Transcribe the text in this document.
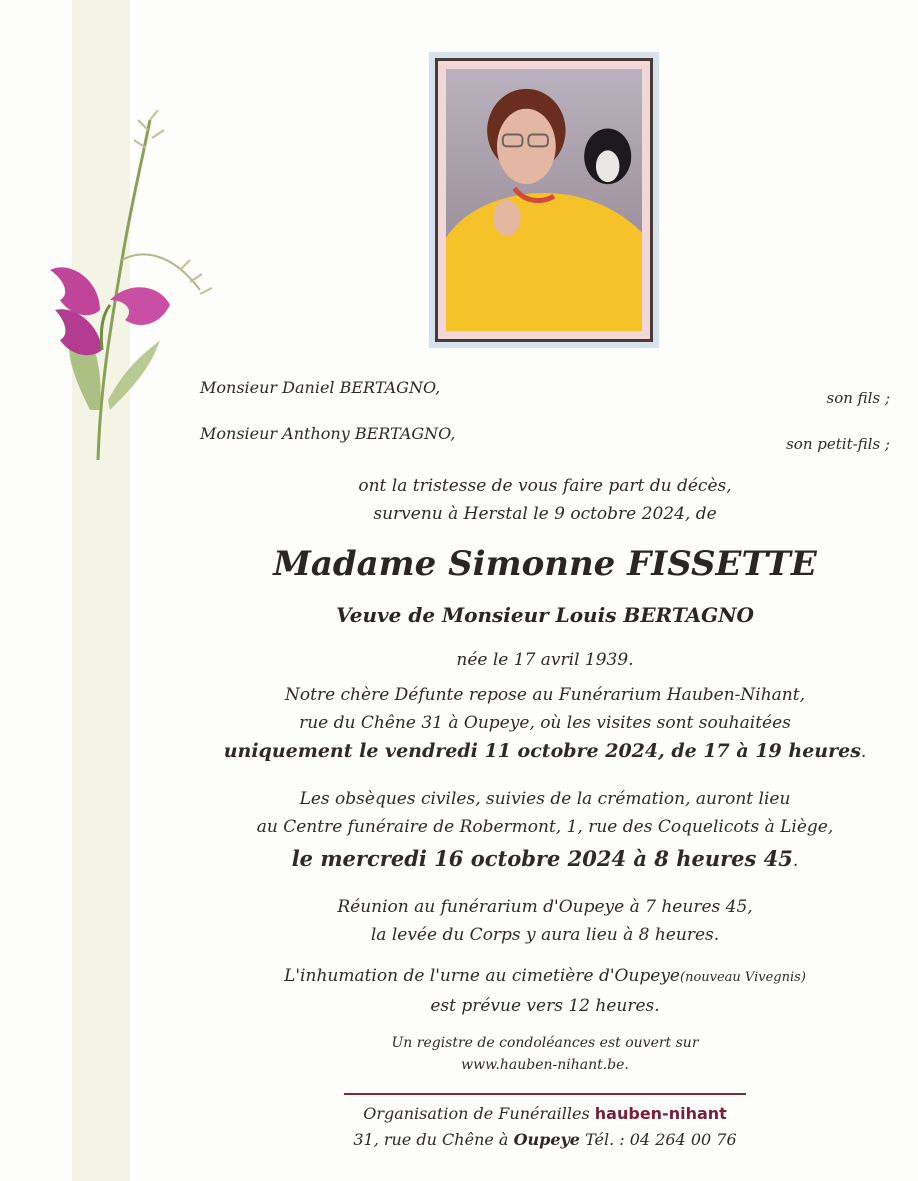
Monsieur Daniel BERTAGNO,
son fils ;
Monsieur Anthony BERTAGNO,
son petit-fils ;
ont la tristesse de vous faire part du décès,
survenu à Herstal le 9 octobre 2024, de
Madame Simonne FISSETTE
Veuve de Monsieur Louis BERTAGNO
née le 17 avril 1939.
Notre chère Défunte repose au Funérarium Hauben-Nihant,
rue du Chêne 31 à Oupeye, où les visites sont souhaitées
uniquement le vendredi 11 octobre 2024, de 17 à 19 heures.
Les obsèques civiles, suivies de la crémation, auront lieu
au Centre funéraire de Robermont, 1, rue des Coquelicots à Liège,
le mercredi 16 octobre 2024 à 8 heures 45.
Réunion au funérarium d'Oupeye à 7 heures 45,
la levée du Corps y aura lieu à 8 heures.
L'inhumation de l'urne au cimetière d'Oupeye(nouveau Vivegnis)
est prévue vers 12 heures.
Un registre de condoléances est ouvert sur
www.hauben-nihant.be.
Organisation de Funérailles hauben-nihant
31, rue du Chêne à Oupeye Tél. : 04 264 00 76
